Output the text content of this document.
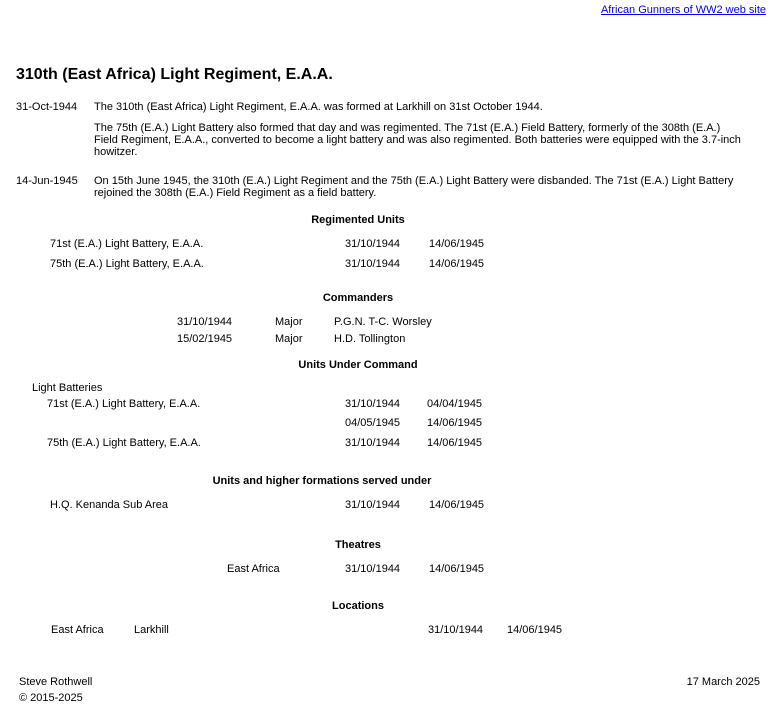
African Gunners of WW2 web site
310th (East Africa) Light Regiment, E.A.A.
31-Oct-1944 The 310th (East Africa) Light Regiment, E.A.A. was formed at Larkhill on 31st October 1944.
The 75th (E.A.) Light Battery also formed that day and was regimented. The 71st (E.A.) Field Battery, formerly of the 308th (E.A.) Field Regiment, E.A.A., converted to become a light battery and was also regimented. Both batteries were equipped with the 3.7-inch howitzer.
14-Jun-1945 On 15th June 1945, the 310th (E.A.) Light Regiment and the 75th (E.A.) Light Battery were disbanded. The 71st (E.A.) Light Battery rejoined the 308th (E.A.) Field Regiment as a field battery.
Regimented Units
71st (E.A.) Light Battery, E.A.A.	31/10/1944	14/06/1945
75th (E.A.) Light Battery, E.A.A.	31/10/1944	14/06/1945
Commanders
31/10/1944	Major	P.G.N. T-C. Worsley
15/02/1945	Major	H.D. Tollington
Units Under Command
Light Batteries
71st (E.A.) Light Battery, E.A.A.	31/10/1944 04/04/1945
04/05/1945 14/06/1945
75th (E.A.) Light Battery, E.A.A.	31/10/1944 14/06/1945
Units and higher formations served under
H.Q. Kenanda Sub Area	31/10/1944	14/06/1945
Theatres
East Africa	31/10/1944	14/06/1945
Locations
East Africa	Larkhill	31/10/1944 14/06/1945
Steve Rothwell
© 2015-2025
17 March 2025
